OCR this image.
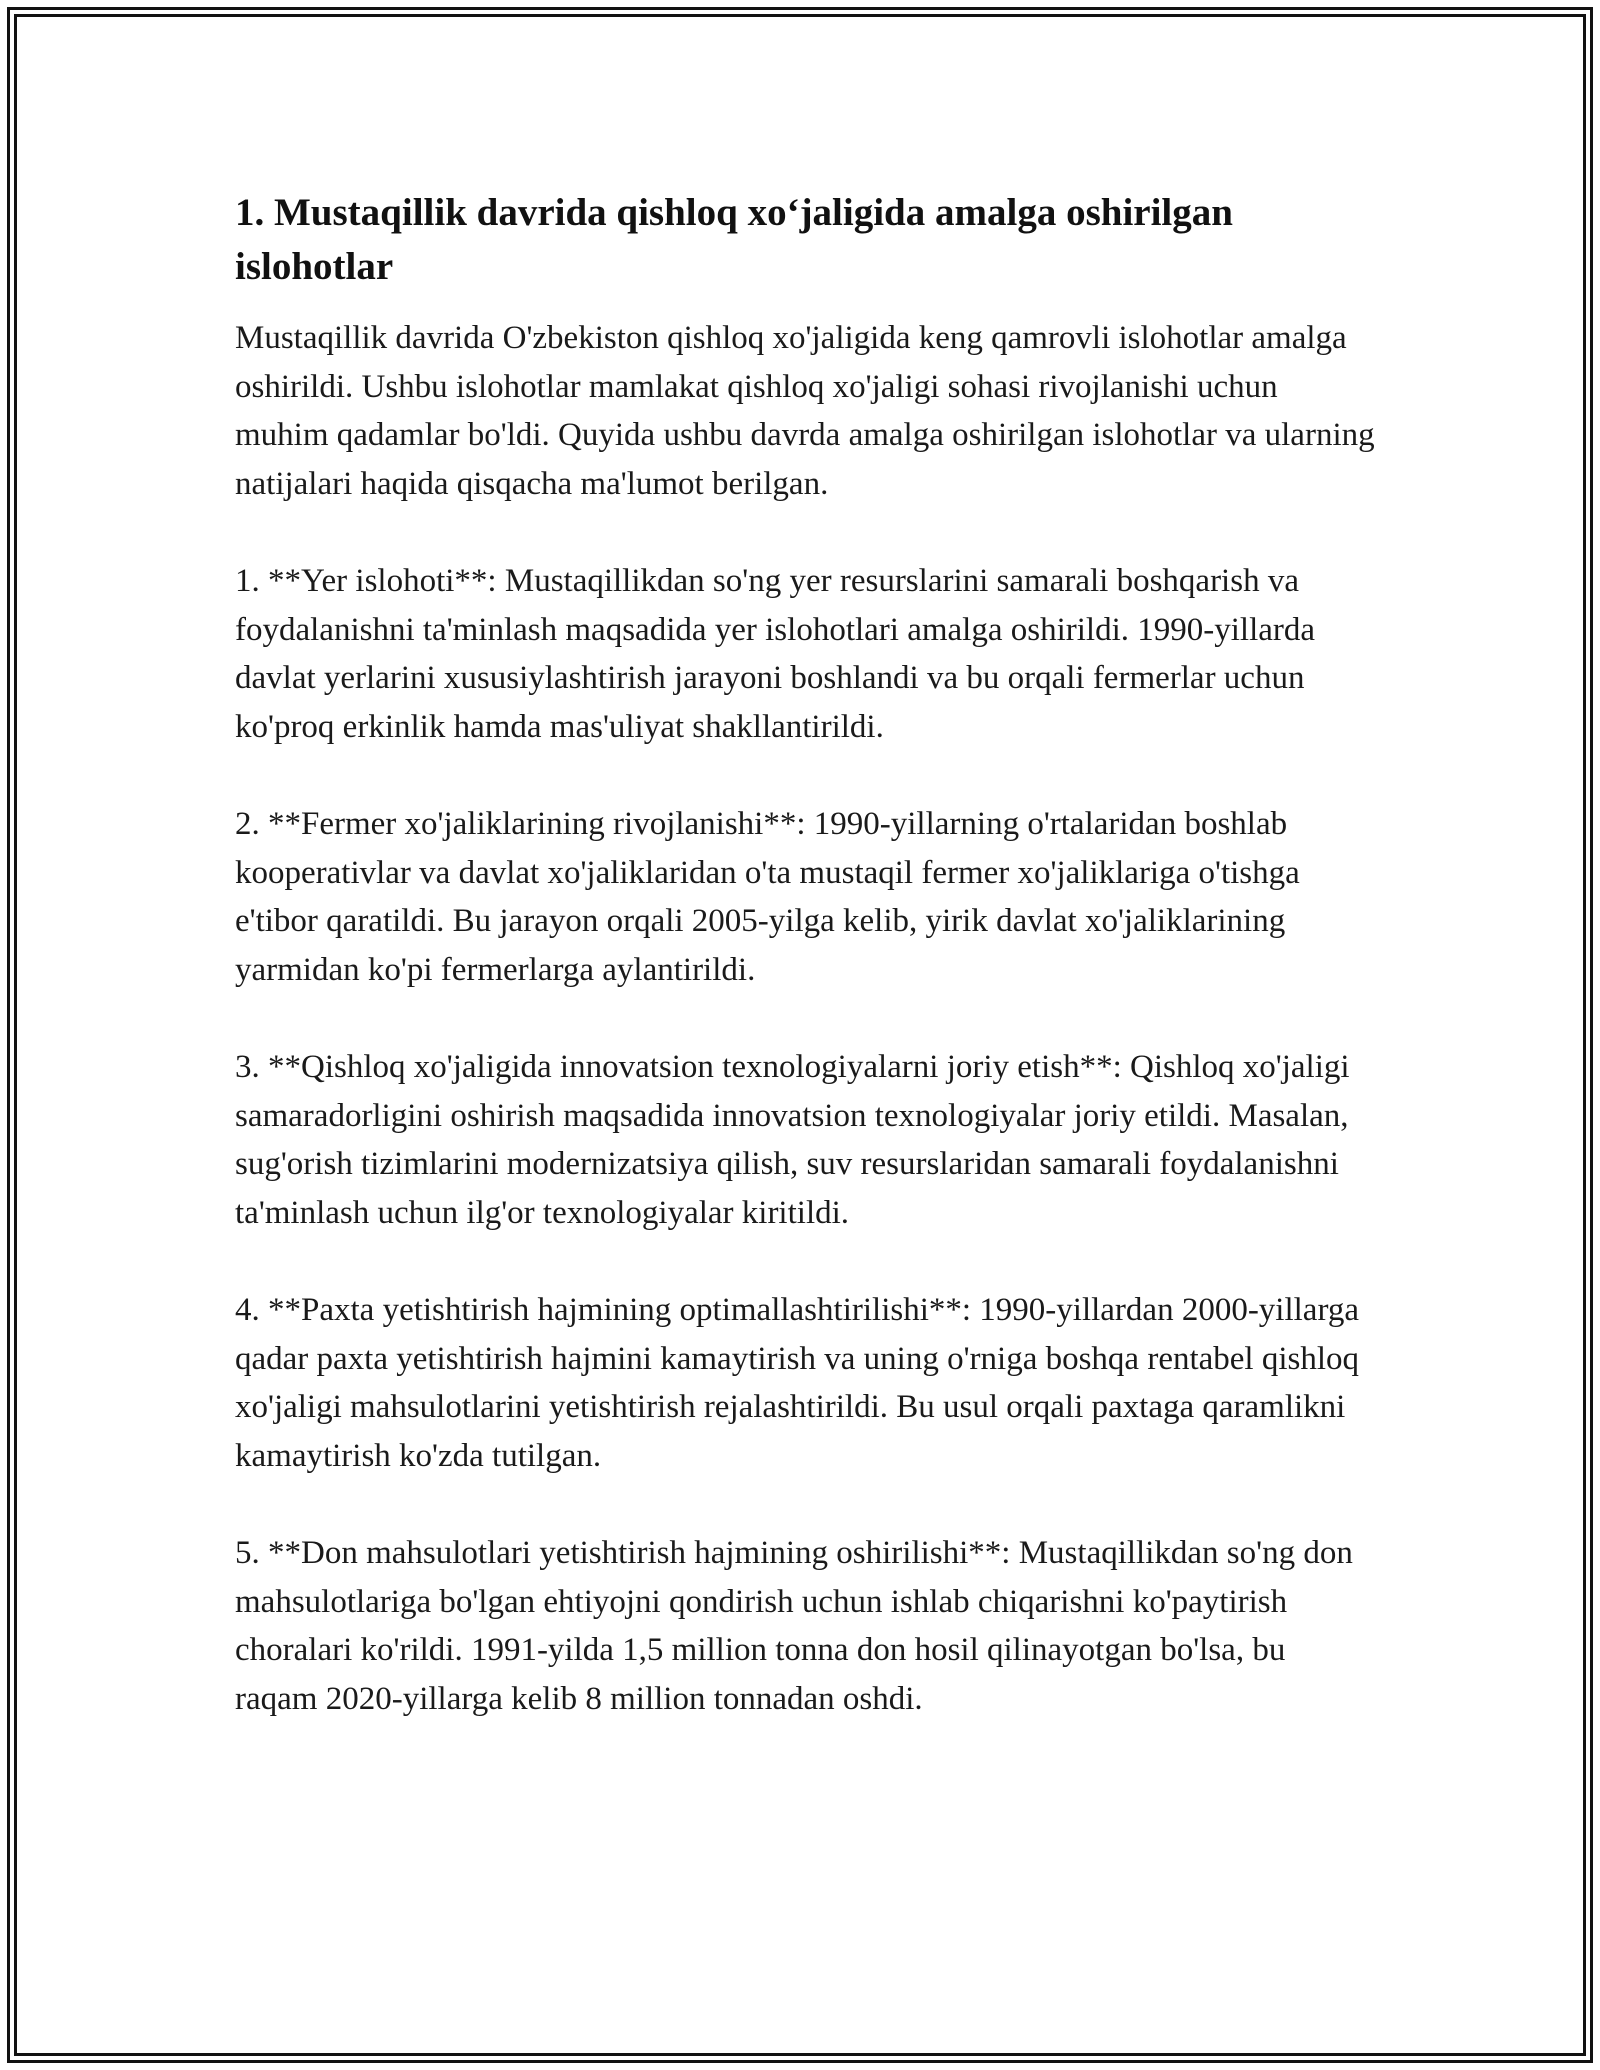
1. Mustaqillik davrida qishloq xo‘jaligida amalga oshirilgan islohotlar

Mustaqillik davrida O'zbekiston qishloq xo'jaligida keng qamrovli islohotlar amalga oshirildi. Ushbu islohotlar mamlakat qishloq xo'jaligi sohasi rivojlanishi uchun muhim qadamlar bo'ldi. Quyida ushbu davrda amalga oshirilgan islohotlar va ularning natijalari haqida qisqacha ma'lumot berilgan.

1. **Yer islohoti**: Mustaqillikdan so'ng yer resurslarini samarali boshqarish va foydalanishni ta'minlash maqsadida yer islohotlari amalga oshirildi. 1990-yillarda davlat yerlarini xususiylashtirish jarayoni boshlandi va bu orqali fermerlar uchun ko'proq erkinlik hamda mas'uliyat shakllantirildi.

2. **Fermer xo'jaliklarining rivojlanishi**: 1990-yillarning o'rtalaridan boshlab kooperativlar va davlat xo'jaliklaridan o'ta mustaqil fermer xo'jaliklariga o'tishga e'tibor qaratildi. Bu jarayon orqali 2005-yilga kelib, yirik davlat xo'jaliklarining yarmidan ko'pi fermerlarga aylantirildi.

3. **Qishloq xo'jaligida innovatsion texnologiyalarni joriy etish**: Qishloq xo'jaligi samaradorligini oshirish maqsadida innovatsion texnologiyalar joriy etildi. Masalan, sug'orish tizimlarini modernizatsiya qilish, suv resurslaridan samarali foydalanishni ta'minlash uchun ilg'or texnologiyalar kiritildi.

4. **Paxta yetishtirish hajmining optimallashtirilishi**: 1990-yillardan 2000-yillarga qadar paxta yetishtirish hajmini kamaytirish va uning o'rniga boshqa rentabel qishloq xo'jaligi mahsulotlarini yetishtirish rejalashtirildi. Bu usul orqali paxtaga qaramlikni kamaytirish ko'zda tutilgan.

5. **Don mahsulotlari yetishtirish hajmining oshirilishi**: Mustaqillikdan so'ng don mahsulotlariga bo'lgan ehtiyojni qondirish uchun ishlab chiqarishni ko'paytirish choralari ko'rildi. 1991-yilda 1,5 million tonna don hosil qilinayotgan bo'lsa, bu raqam 2020-yillarga kelib 8 million tonnadan oshdi.
